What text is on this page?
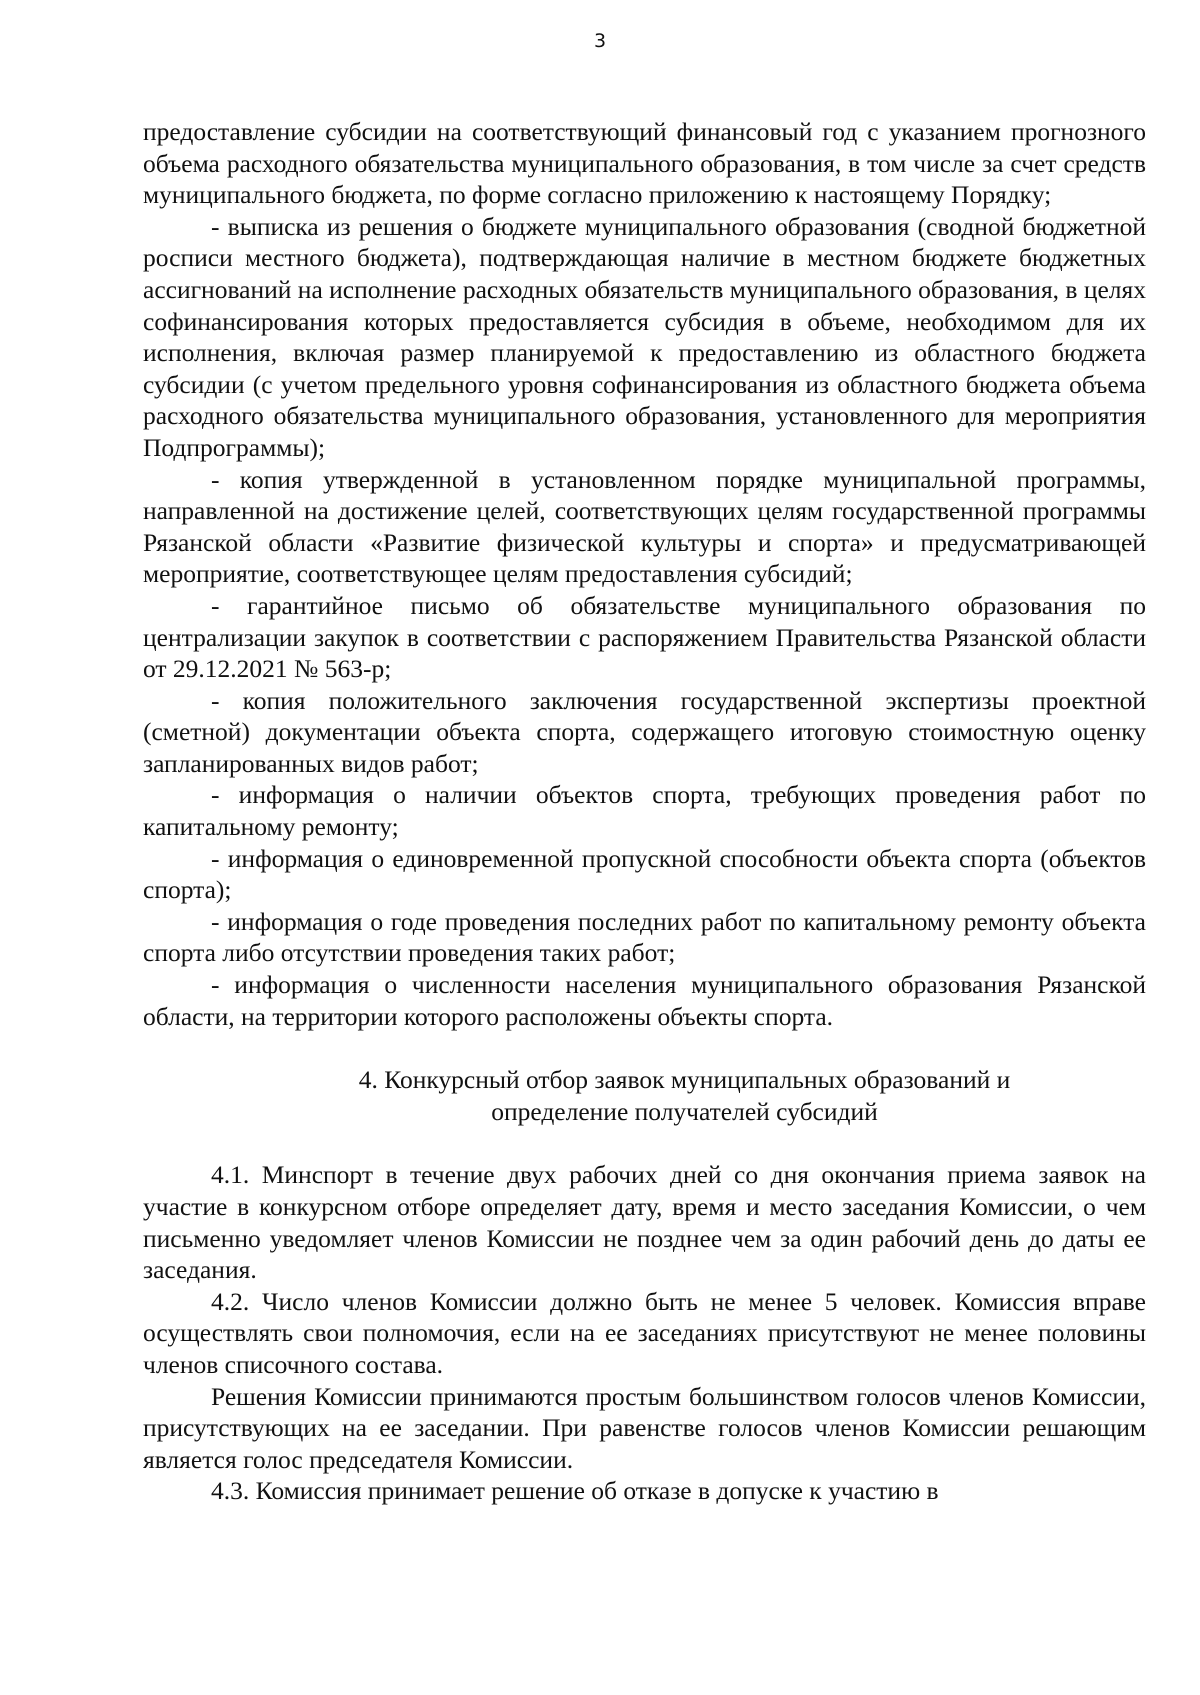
3

предоставление субсидии на соответствующий финансовый год с указанием прогнозного объема расходного обязательства муниципального образования, в том числе за счет средств муниципального бюджета, по форме согласно приложению к настоящему Порядку;

- выписка из решения о бюджете муниципального образования (сводной бюджетной росписи местного бюджета), подтверждающая наличие в местном бюджете бюджетных ассигнований на исполнение расходных обязательств муниципального образования, в целях софинансирования которых предоставляется субсидия в объеме, необходимом для их исполнения, включая размер планируемой к предоставлению из областного бюджета субсидии (с учетом предельного уровня софинансирования из областного бюджета объема расходного обязательства муниципального образования, установленного для мероприятия Подпрограммы);

- копия утвержденной в установленном порядке муниципальной программы, направленной на достижение целей, соответствующих целям государственной программы Рязанской области «Развитие физической культуры и спорта» и предусматривающей мероприятие, соответствующее целям предоставления субсидий;

- гарантийное письмо об обязательстве муниципального образования по централизации закупок в соответствии с распоряжением Правительства Рязанской области от 29.12.2021 № 563-р;

- копия положительного заключения государственной экспертизы проектной (сметной) документации объекта спорта, содержащего итоговую стоимостную оценку запланированных видов работ;

- информация о наличии объектов спорта, требующих проведения работ по капитальному ремонту;

- информация о единовременной пропускной способности объекта спорта (объектов спорта);

- информация о годе проведения последних работ по капитальному ремонту объекта спорта либо отсутствии проведения таких работ;

- информация о численности населения муниципального образования Рязанской области, на территории которого расположены объекты спорта.

4. Конкурсный отбор заявок муниципальных образований и
определение получателей субсидий

4.1. Минспорт в течение двух рабочих дней со дня окончания приема заявок на участие в конкурсном отборе определяет дату, время и место заседания Комиссии, о чем письменно уведомляет членов Комиссии не позднее чем за один рабочий день до даты ее заседания.

4.2. Число членов Комиссии должно быть не менее 5 человек. Комиссия вправе осуществлять свои полномочия, если на ее заседаниях присутствуют не менее половины членов списочного состава.

Решения Комиссии принимаются простым большинством голосов членов Комиссии, присутствующих на ее заседании. При равенстве голосов членов Комиссии решающим является голос председателя Комиссии.

4.3. Комиссия принимает решение об отказе в допуске к участию в
